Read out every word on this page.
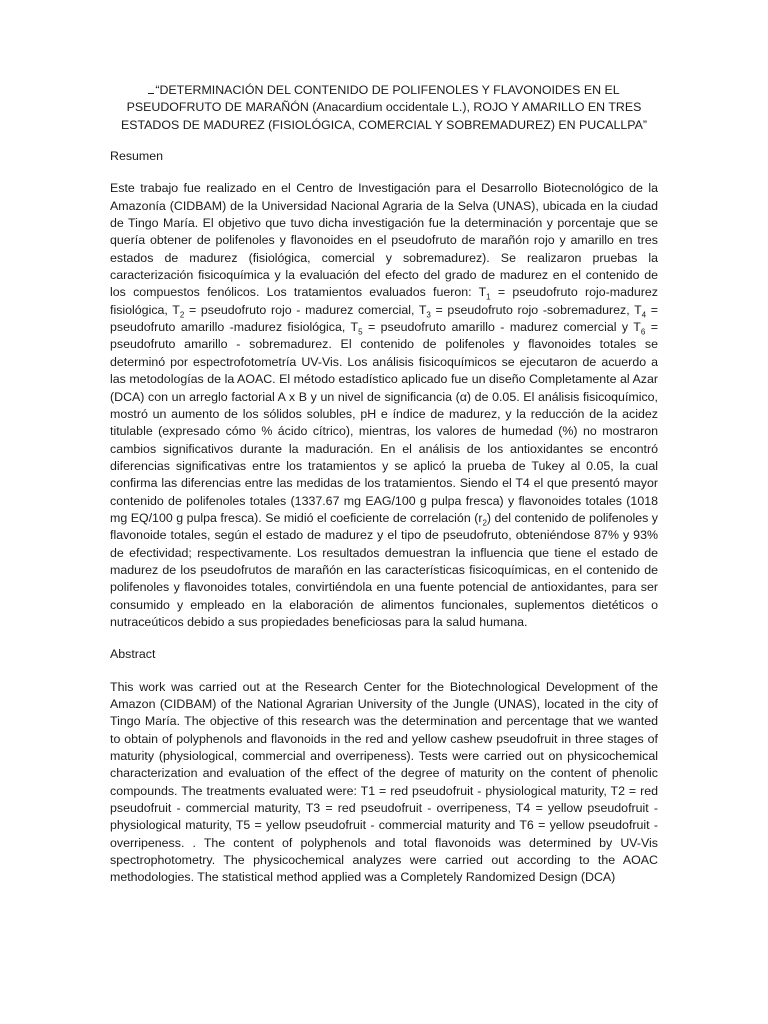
“DETERMINACIÓN DEL CONTENIDO DE POLIFENOLES Y FLAVONOIDES EN EL PSEUDOFRUTO DE MARAÑÓN (Anacardium occidentale L.), ROJO Y AMARILLO EN TRES ESTADOS DE MADUREZ (FISIOLÓGICA, COMERCIAL Y SOBREMADUREZ) EN PUCALLPA”

Resumen

Este trabajo fue realizado en el Centro de Investigación para el Desarrollo Biotecnológico de la Amazonía (CIDBAM) de la Universidad Nacional Agraria de la Selva (UNAS), ubicada en la ciudad de Tingo María. El objetivo que tuvo dicha investigación fue la determinación y porcentaje que se quería obtener de polifenoles y flavonoides en el pseudofruto de marañón rojo y amarillo en tres estados de madurez (fisiológica, comercial y sobremadurez). Se realizaron pruebas la caracterización fisicoquímica y la evaluación del efecto del grado de madurez en el contenido de los compuestos fenólicos. Los tratamientos evaluados fueron: $T_1$ = pseudofruto rojo-madurez fisiológica, $T_2$ = pseudofruto rojo - madurez comercial, $T_3$ = pseudofruto rojo -sobremadurez, $T_4$ = pseudofruto amarillo -madurez fisiológica, $T_5$ = pseudofruto amarillo - madurez comercial y $T_6$ = pseudofruto amarillo - sobremadurez. El contenido de polifenoles y flavonoides totales se determinó por espectrofotometría UV-Vis. Los análisis fisicoquímicos se ejecutaron de acuerdo a las metodologías de la AOAC. El método estadístico aplicado fue un diseño Completamente al Azar (DCA) con un arreglo factorial A x B y un nivel de significancia (α) de 0.05. El análisis fisicoquímico, mostró un aumento de los sólidos solubles, pH e índice de madurez, y la reducción de la acidez titulable (expresado cómo % ácido cítrico), mientras, los valores de humedad (%) no mostraron cambios significativos durante la maduración. En el análisis de los antioxidantes se encontró diferencias significativas entre los tratamientos y se aplicó la prueba de Tukey al 0.05, la cual confirma las diferencias entre las medidas de los tratamientos. Siendo el T4 el que presentó mayor contenido de polifenoles totales (1337.67 mg EAG/100 g pulpa fresca) y flavonoides totales (1018 mg EQ/100 g pulpa fresca). Se midió el coeficiente de correlación $(r_2)$ del contenido de polifenoles y flavonoide totales, según el estado de madurez y el tipo de pseudofruto, obteniéndose 87% y 93% de efectividad; respectivamente. Los resultados demuestran la influencia que tiene el estado de madurez de los pseudofrutos de marañón en las características fisicoquímicas, en el contenido de polifenoles y flavonoides totales, convirtiéndola en una fuente potencial de antioxidantes, para ser consumido y empleado en la elaboración de alimentos funcionales, suplementos dietéticos o nutraceúticos debido a sus propiedades beneficiosas para la salud humana.

Abstract

This work was carried out at the Research Center for the Biotechnological Development of the Amazon (CIDBAM) of the National Agrarian University of the Jungle (UNAS), located in the city of Tingo María. The objective of this research was the determination and percentage that we wanted to obtain of polyphenols and flavonoids in the red and yellow cashew pseudofruit in three stages of maturity (physiological, commercial and overripeness). Tests were carried out on physicochemical characterization and evaluation of the effect of the degree of maturity on the content of phenolic compounds. The treatments evaluated were: T1 = red pseudofruit - physiological maturity, T2 = red pseudofruit - commercial maturity, T3 = red pseudofruit - overripeness, T4 = yellow pseudofruit - physiological maturity, T5 = yellow pseudofruit - commercial maturity and T6 = yellow pseudofruit - overripeness. . The content of polyphenols and total flavonoids was determined by UV-Vis spectrophotometry. The physicochemical analyzes were carried out according to the AOAC methodologies. The statistical method applied was a Completely Randomized Design (DCA)
